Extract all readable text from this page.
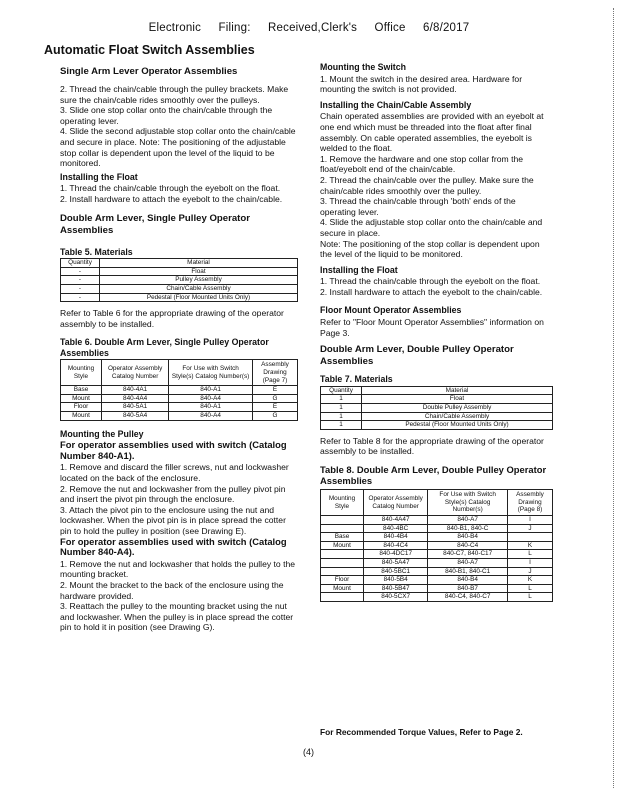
Electronic Filing: Received,Clerk's Office 6/8/2017
Automatic Float Switch Assemblies
Single Arm Lever Operator Assemblies
2. Thread the chain/cable through the pulley brackets. Make sure the chain/cable rides smoothly over the pulleys.
3. Slide one stop collar onto the chain/cable through the operating lever.
4. Slide the second adjustable stop collar onto the chain/cable and secure in place. Note: The positioning of the adjustable stop collar is dependent upon the level of the liquid to be monitored.
Installing the Float
1. Thread the chain/cable through the eyebolt on the float.
2. Install hardware to attach the eyebolt to the chain/cable.
Double Arm Lever, Single Pulley Operator Assemblies
Table 5. Materials
Quantity	Material
-	Float
-	Pulley Assembly
-	Chain/Cable Assembly
-	Pedestal (Floor Mounted Units Only)
Refer to Table 6 for the appropriate drawing of the operator assembly to be installed.
Table 6. Double Arm Lever, Single Pulley Operator Assemblies
Mounting Style	Operator Assembly Catalog Number	For Use with Switch Style(s) Catalog Number(s)	Assembly Drawing (Page 7)
Base	840-4A1	840-A1	E
Mount	840-4A4	840-A4	G
Floor	840-5A1	840-A1	E
Mount	840-5A4	840-A4	G
Mounting the Pulley
For operator assemblies used with switch (Catalog Number 840-A1).
1. Remove and discard the filler screws, nut and lockwasher located on the back of the enclosure.
2. Remove the nut and lockwasher from the pulley pivot pin and insert the pivot pin through the enclosure.
3. Attach the pivot pin to the enclosure using the nut and lockwasher. When the pivot pin is in place spread the cotter pin to hold the pulley in position (see Drawing E).
For operator assemblies used with switch (Catalog Number 840-A4).
1. Remove the nut and lockwasher that holds the pulley to the mounting bracket.
2. Mount the bracket to the back of the enclosure using the hardware provided.
3. Reattach the pulley to the mounting bracket using the nut and lockwasher. When the pulley is in place spread the cotter pin to hold it in position (see Drawing G).
Mounting the Switch
1. Mount the switch in the desired area. Hardware for mounting the switch is not provided.
Installing the Chain/Cable Assembly
Chain operated assemblies are provided with an eyebolt at one end which must be threaded into the float after final assembly. On cable operated assemblies, the eyebolt is welded to the float.
1. Remove the hardware and one stop collar from the float/eyebolt end of the chain/cable.
2. Thread the chain/cable over the pulley. Make sure the chain/cable rides smoothly over the pulley.
3. Thread the chain/cable through 'both' ends of the operating lever.
4. Slide the adjustable stop collar onto the chain/cable and secure in place.
Note: The positioning of the stop collar is dependent upon the level of the liquid to be monitored.
Installing the Float
1. Thread the chain/cable through the eyebolt on the float.
2. Install hardware to attach the eyebolt to the chain/cable.
Floor Mount Operator Assemblies
Refer to "Floor Mount Operator Assemblies" information on Page 3.
Double Arm Lever, Double Pulley Operator Assemblies
Table 7. Materials
Quantity	Material
1	Float
1	Double Pulley Assembly
1	Chain/Cable Assembly
1	Pedestal (Floor Mounted Units Only)
Refer to Table 8 for the appropriate drawing of the operator assembly to be installed.
Table 8. Double Arm Lever, Double Pulley Operator Assemblies
Mounting Style	Operator Assembly Catalog Number	For Use with Switch Style(s) Catalog Number(s)	Assembly Drawing (Page 8)
	840-4A47	840-A7	I
	840-4BC	840-B1, 840-C	J
Base	840-4B4	840-B4	
Mount	840-4C4	840-C4	K
	840-4DC17	840-C7, 840-C17	L
	840-5A47	840-A7	I
	840-5BC1	840-B1, 840-C1	J
Floor	840-5B4	840-B4	K
Mount	840-5B47	840-B7	L
	840-5CX7	840-C4, 840-C7	L
For Recommended Torque Values, Refer to Page 2.
(4)
